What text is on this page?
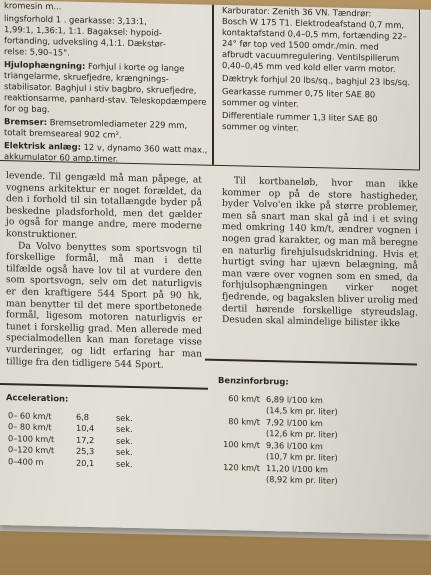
kromesin m...

lingsforhold 1 . gearkasse: 3,13:1,

1,99:1, 1,36:1, 1:1. Bagaksel: hypoid-

fortanding, udveksling 4,1:1. Dækstør-

relse: 5,90–15".

Hjulophængning: Forhjul i korte og lange triangelarme, skruefjedre, krængnings-stabilisator. Baghjul i stiv bagbro, skruefjedre, reaktionsarme, panhard-stav. Teleskopdæmpere for og bag.

Bremser: Bremsetromlediameter 229 mm, totalt bremseareal 902 cm².

Elektrisk anlæg: 12 v, dynamo 360 watt max., akkumulator 60 amp.timer.

Karburator: Zenith 36 VN. Tændrør:

Bosch W 175 T1. Elektrodeafstand 0,7 mm, kontaktafstand 0,4–0,5 mm, fortænding 22–24° før top ved 1500 omdr./min. med afbrudt vacuumregulering. Ventilspillerum 0,40–0,45 mm ved kold eller varm motor.

Dæktryk forhjul 20 lbs/sq., baghjul 23 lbs/sq.

Gearkasse rummer 0,75 liter SAE 80 sommer og vinter.

Differentiale rummer 1,3 liter SAE 80 sommer og vinter.

levende. Til gengæld må man påpege, at vognens arkitektur er noget forældet, da den i forhold til sin totallængde byder på beskedne pladsforhold, men det gælder jo også for mange andre, mere moderne konstruktioner.

Da Volvo benyttes som sportsvogn til forskellige formål, må man i dette tilfælde også have lov til at vurdere den som sportsvogn, selv om det naturligvis er den kraftigere 544 Sport på 90 hk, man benytter til det mere sportbetonede formål, ligesom motoren naturligvis er tunet i forskellig grad. Men allerede med specialmodellen kan man foretage visse vurderinger, og lidt erfaring har man tillige fra den tidligere 544 Sport.

Til kortbaneløb, hvor man ikke kommer op på de store hastigheder, byder Volvo'en ikke på større problemer, men så snart man skal gå ind i et sving med omkring 140 km/t, ændrer vognen i nogen grad karakter, og man må beregne en naturlig firehjulsudskridning. Hvis et hurtigt sving har ujævn belægning, må man være over vognen som en smed, da forhjulsophængningen virker noget fjedrende, og bagakslen bliver urolig med dertil hørende forskellige styreudslag. Desuden skal almindelige bilister ikke

Acceleration:
0– 60 km/t	6,8	sek.
0– 80 km/t	10,4	sek.
0–100 km/t	17,2	sek.
0–120 km/t	25,3	sek.
0–400 m	20,1	sek.
Benzinforbrug:
60 km/t 6,89 l/100 km
(14,5 km pr. liter)
80 km/t 7,92 l/100 km
(12,6 km pr. liter)
100 km/t 9,36 l/100 km
(10,7 km pr. liter)
120 km/t 11,20 l/100 km
(8,92 km pr. liter)
